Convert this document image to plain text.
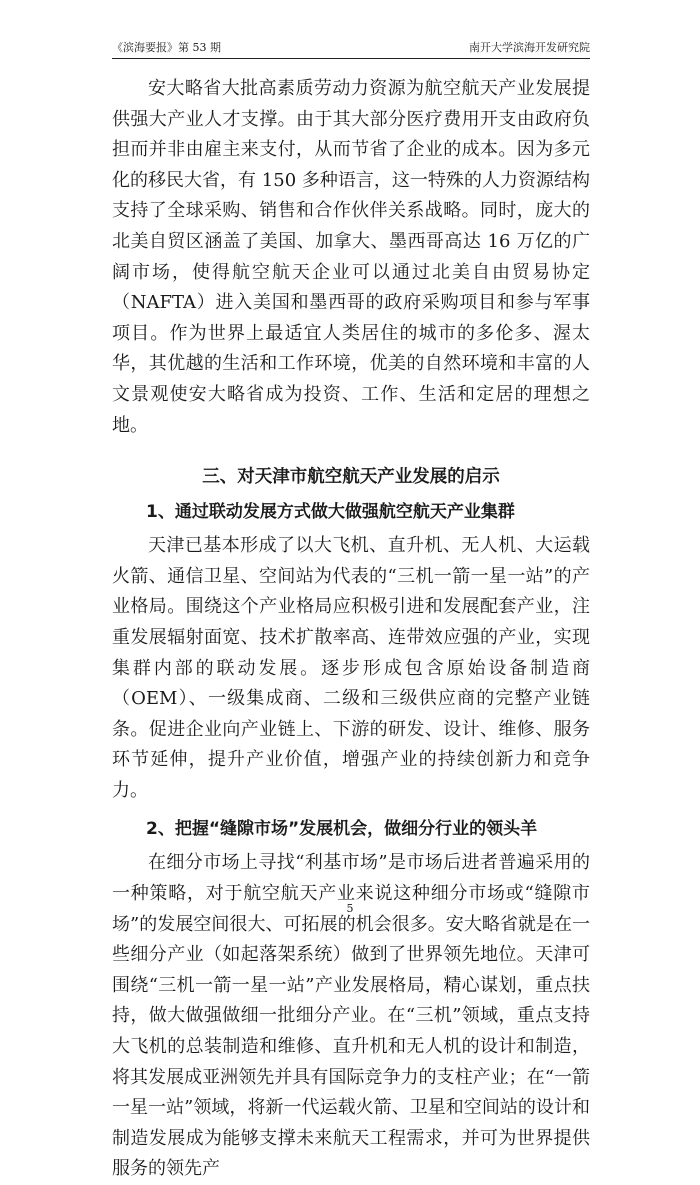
《滨海要报》第 53 期	南开大学滨海开发研究院

安大略省大批高素质劳动力资源为航空航天产业发展提供强大产业人才支撑。由于其大部分医疗费用开支由政府负担而并非由雇主来支付，从而节省了企业的成本。因为多元化的移民大省，有 150 多种语言，这一特殊的人力资源结构支持了全球采购、销售和合作伙伴关系战略。同时，庞大的北美自贸区涵盖了美国、加拿大、墨西哥高达 16 万亿的广阔市场，使得航空航天企业可以通过北美自由贸易协定（NAFTA）进入美国和墨西哥的政府采购项目和参与军事项目。作为世界上最适宜人类居住的城市的多伦多、渥太华，其优越的生活和工作环境，优美的自然环境和丰富的人文景观使安大略省成为投资、工作、生活和定居的理想之地。

三、对天津市航空航天产业发展的启示
1、通过联动发展方式做大做强航空航天产业集群

天津已基本形成了以大飞机、直升机、无人机、大运载火箭、通信卫星、空间站为代表的“三机一箭一星一站”的产业格局。围绕这个产业格局应积极引进和发展配套产业，注重发展辐射面宽、技术扩散率高、连带效应强的产业，实现集群内部的联动发展。逐步形成包含原始设备制造商（OEM）、一级集成商、二级和三级供应商的完整产业链条。促进企业向产业链上、下游的研发、设计、维修、服务环节延伸，提升产业价值，增强产业的持续创新力和竞争力。

2、把握“缝隙市场”发展机会，做细分行业的领头羊

在细分市场上寻找“利基市场”是市场后进者普遍采用的一种策略，对于航空航天产业来说这种细分市场或“缝隙市场”的发展空间很大、可拓展的机会很多。安大略省就是在一些细分产业（如起落架系统）做到了世界领先地位。天津可围绕“三机一箭一星一站”产业发展格局，精心谋划，重点扶持，做大做强做细一批细分产业。在“三机”领域，重点支持大飞机的总装制造和维修、直升机和无人机的设计和制造，将其发展成亚洲领先并具有国际竞争力的支柱产业；在“一箭一星一站”领域，将新一代运载火箭、卫星和空间站的设计和制造发展成为能够支撑未来航天工程需求，并可为世界提供服务的领先产

5
